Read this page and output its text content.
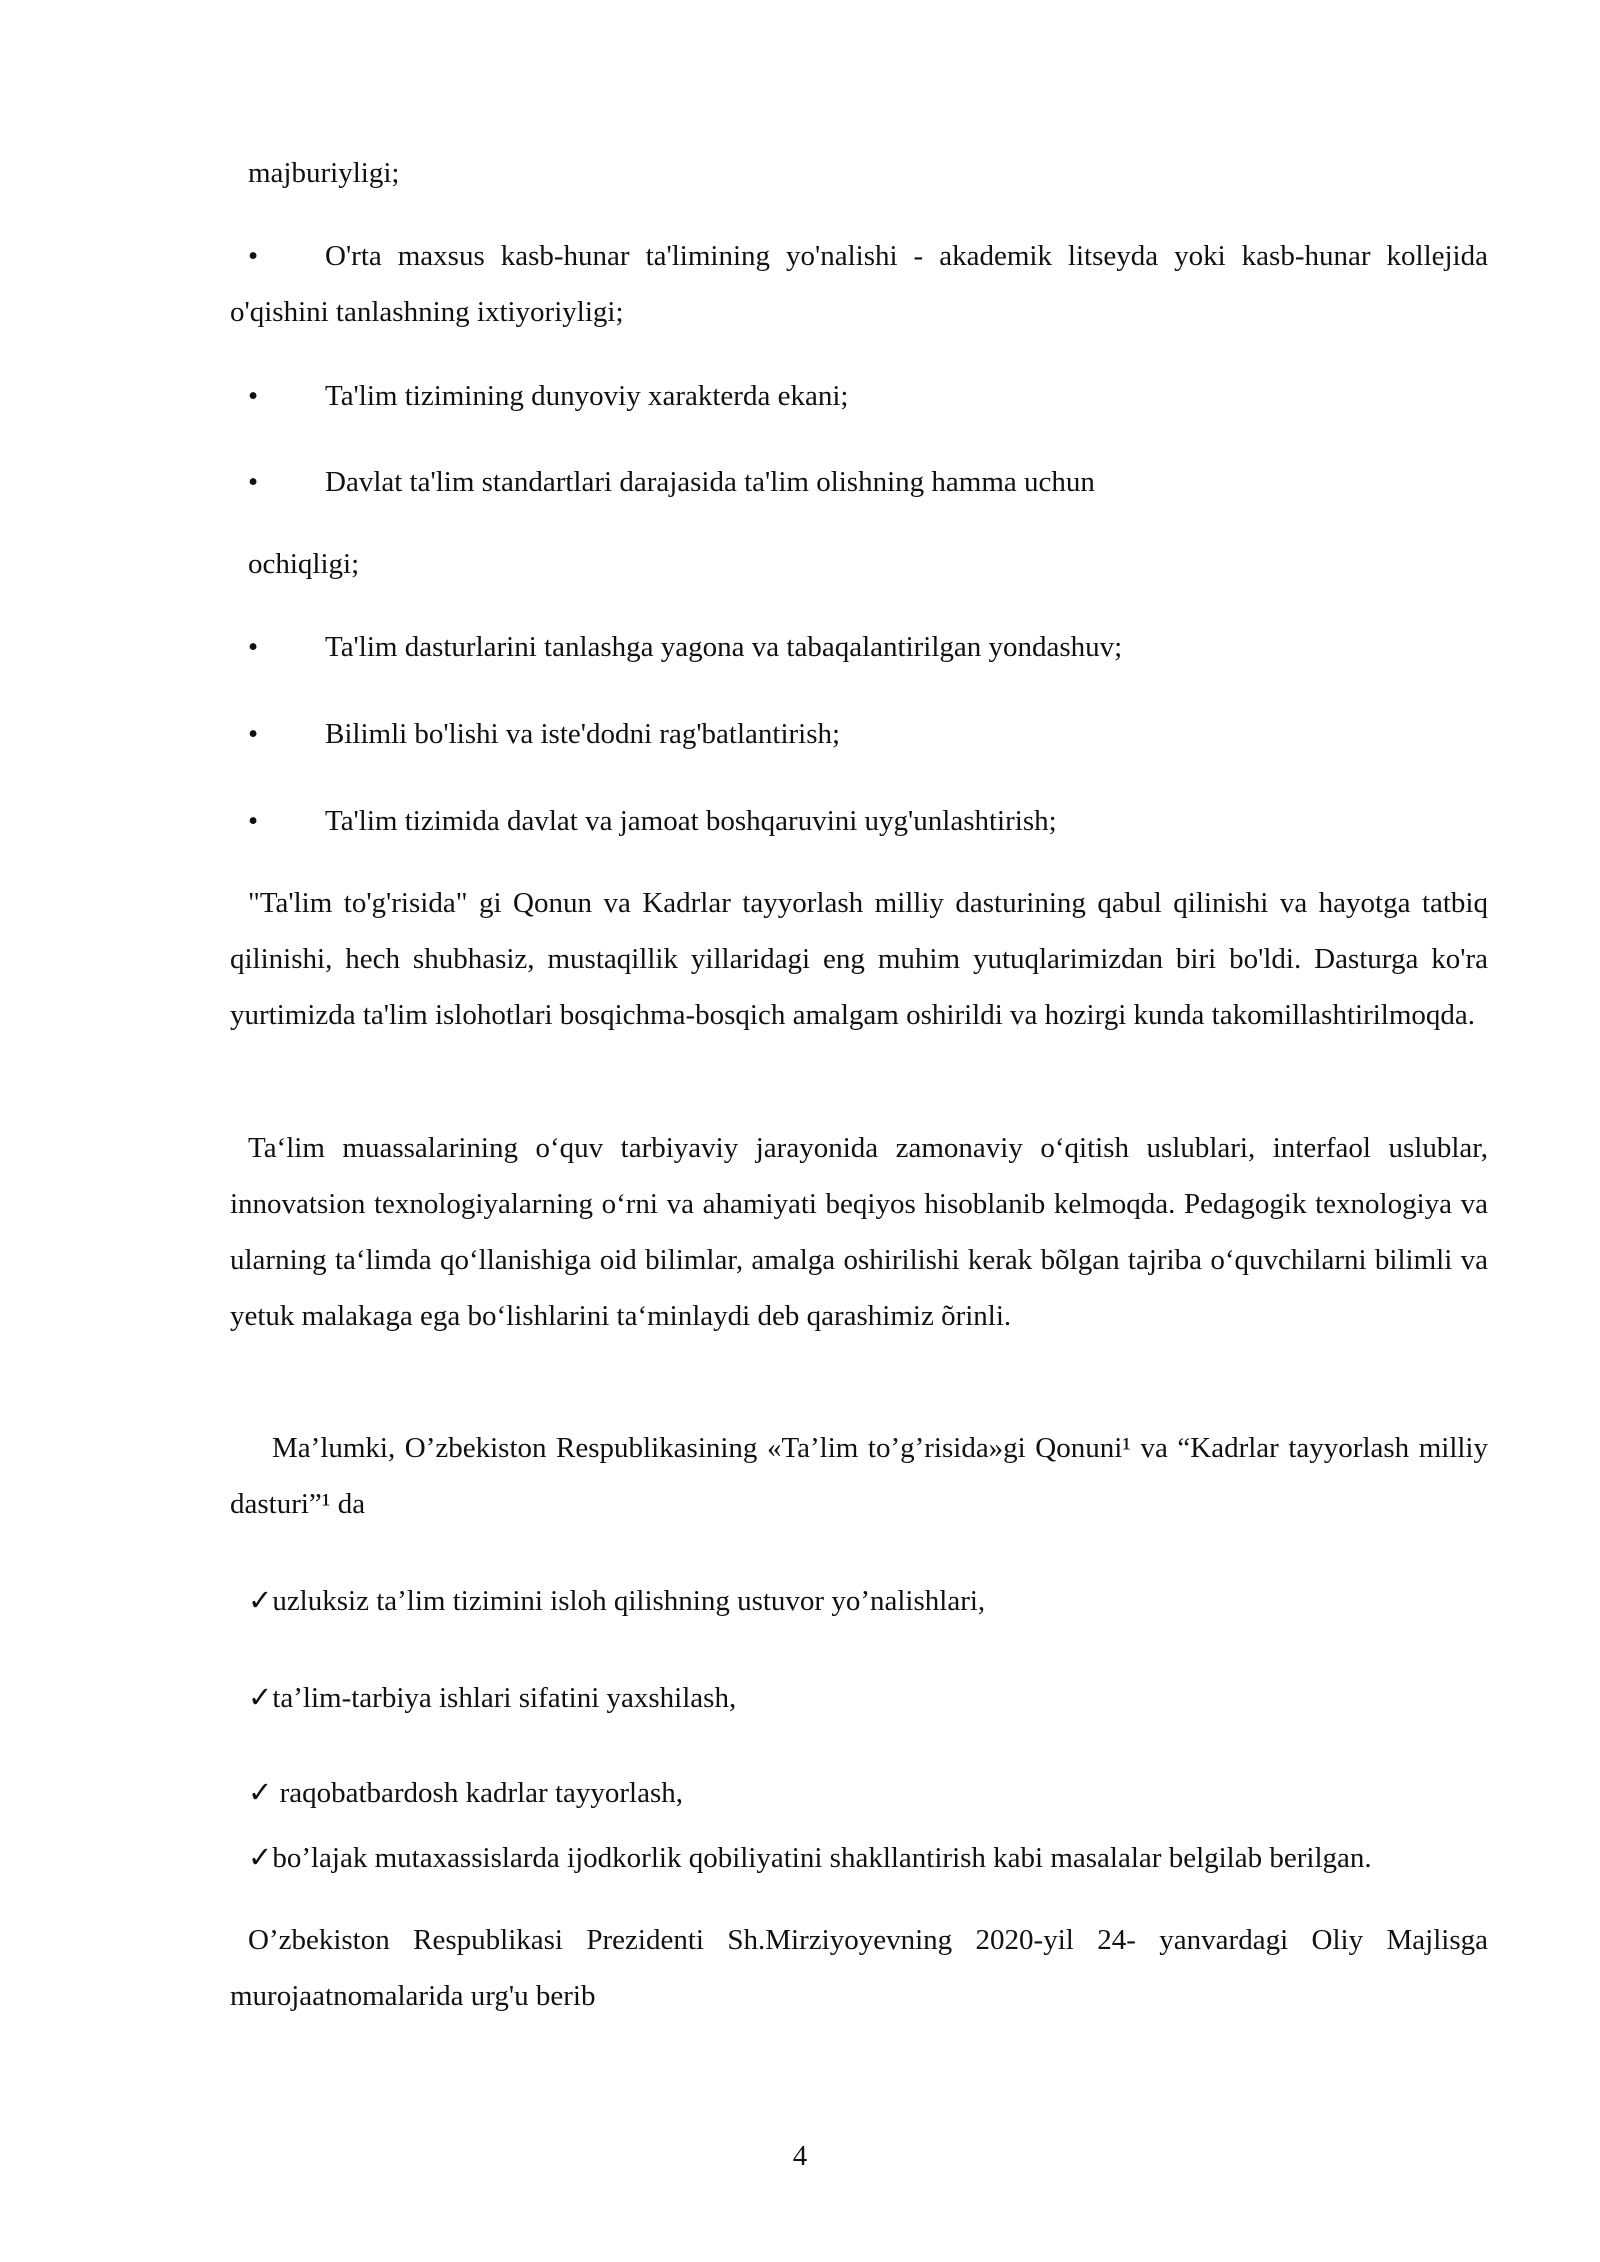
majburiyligi;
•	O'rta maxsus kasb-hunar ta'limining yo'nalishi - akademik litseyda yoki kasb-hunar kollejida o'qishini tanlashning ixtiyoriyligi;
• Ta'lim tizimining dunyoviy xarakterda ekani;
• Davlat ta'lim standartlari darajasida ta'lim olishning hamma uchun
ochiqligi;
• Ta'lim dasturlarini tanlashga yagona va tabaqalantirilgan yondashuv;
• Bilimli bo'lishi va iste'dodni rag'batlantirish;
• Ta'lim tizimida davlat va jamoat boshqaruvini uyg'unlashtirish;
"Ta'lim to'g'risida" gi Qonun va Kadrlar tayyorlash milliy dasturining qabul qilinishi va hayotga tatbiq qilinishi, hech shubhasiz, mustaqillik yillaridagi eng muhim yutuqlarimizdan biri bo'ldi. Dasturga ko'ra yurtimizda ta'lim islohotlari bosqichma-bosqich amalgam oshirildi va hozirgi kunda takomillashtirilmoqda.
Taʻlim muassalarining oʻquv tarbiyaviy jarayonida zamonaviy oʻqitish uslublari, interfaol uslublar, innovatsion texnologiyalarning oʻrni va ahamiyati beqiyos hisoblanib kelmoqda. Pedagogik texnologiya va ularning taʻlimda qoʻllanishiga oid bilimlar, amalga oshirilishi kerak bõlgan tajriba oʻquvchilarni bilimli va yetuk malakaga ega boʻlishlarini taʻminlaydi deb qarashimiz õrinli.
Ma’lumki, O’zbekiston Respublikasining «Ta’lim to’g’risida»gi Qonuni¹ va “Kadrlar tayyorlash milliy dasturi”¹ da
✓uzluksiz ta’lim tizimini isloh qilishning ustuvor yo’nalishlari,
✓ta’lim-tarbiya ishlari sifatini yaxshilash,
✓ raqobatbardosh kadrlar tayyorlash,
✓bo’lajak mutaxassislarda ijodkorlik qobiliyatini shakllantirish kabi masalalar belgilab berilgan.
O’zbekiston Respublikasi Prezidenti Sh.Mirziyoyevning 2020-yil 24- yanvardagi Oliy Majlisga murojaatnomalarida urg'u berib
4
